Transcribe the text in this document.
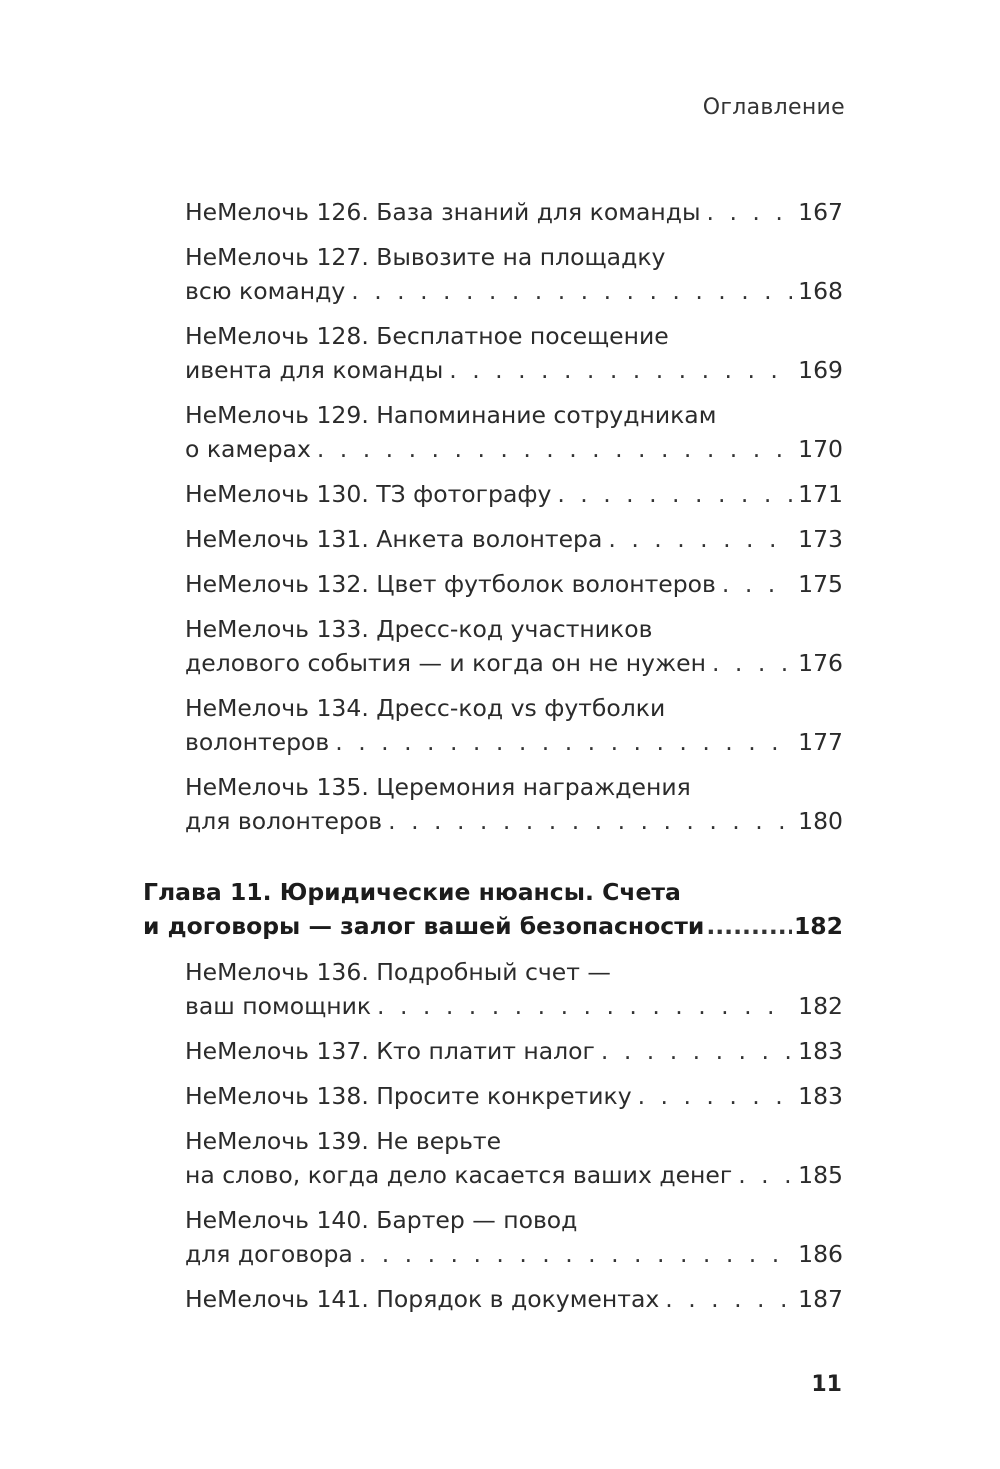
Оглавление
НеМелочь 126. База знаний для команды . . .	167
НеМелочь 127. Вывозите на площадку
всю команду . . .	168
НеМелочь 128. Бесплатное посещение
ивента для команды . . .	169
НеМелочь 129. Напоминание сотрудникам
о камерах . . .	170
НеМелочь 130. ТЗ фотографу . . .	171
НеМелочь 131. Анкета волонтера . . .	173
НеМелочь 132. Цвет футболок волонтеров . . .	175
НеМелочь 133. Дресс-код участников
делового события — и когда он не нужен . . .	176
НеМелочь 134. Дресс-код vs футболки
волонтеров . . .	177
НеМелочь 135. Церемония награждения
для волонтеров . . .	180
Глава 11. Юридические нюансы. Счета
и договоры — залог вашей безопасности .....	182
НеМелочь 136. Подробный счет —
ваш помощник . . .	182
НеМелочь 137. Кто платит налог . . .	183
НеМелочь 138. Просите конкретику . . .	183
НеМелочь 139. Не верьте
на слово, когда дело касается ваших денег . . .	185
НеМелочь 140. Бартер — повод
для договора . . .	186
НеМелочь 141. Порядок в документах . . .	187
11
